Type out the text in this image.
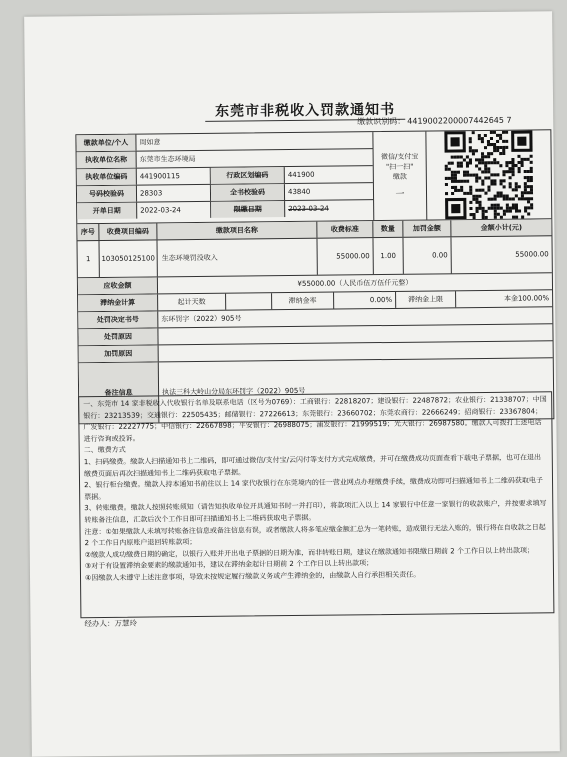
东莞市非税收入罚款通知书
缴款识别码： 4419002200007442645 7
缴款单位/个人	周如意
执收单位名称	东莞市生态环境局
执收单位编码	441900115	行政区划编码	441900
号码校验码	28303	全书校验码	43840
开单日期	2022-03-24	限缴日期	2023-03-24
微信/支付宝
"扫一扫"
缴款
一
序号	收费项目编码	缴款项目名称	收费标准	数量	加罚金额	金额小计(元)
1	103050125100 生态环境罚没收入	55000.00	1.00	0.00	55000.00
应收金额	¥55000.00（人民币伍万伍仟元整）
滞纳金计算	起计天数	滞纳金率	0.00%	滞纳金上限	本金100.00%
处罚决定书号	东环罚字（2022）905号
处罚原因
加罚原因
备注信息	执法三科大岭山分局东环罚字（2022）905号

一、东莞市 14 家非税收入代收银行名单及联系电话（区号为0769）：工商银行：22818207；建设银行：22487872；农业银行：21338707；中国银行：23213539；交通银行：22505435；邮储银行：27226613；东莞银行：23660702；东莞农商行：22666249；招商银行：23367804；广发银行：22227775；中信银行：22667898；平安银行：26988075；浦发银行：21999519；光大银行：26987580。缴款人可拨打上述电话进行咨询或投诉。

二、缴费方式

1、扫码缴费。缴款人扫描通知书上二维码，即可通过微信/支付宝/云闪付等支付方式完成缴费，并可在缴费成功页面查看下载电子票据，也可在退出缴费页面后再次扫描通知书上二维码获取电子票据。

2、银行柜台缴费。缴款人持本通知书前往以上 14 家代收银行在东莞境内的任一营业网点办理缴费手续，缴费成功即可扫描通知书上二维码获取电子票据。

3、转账缴费。缴款人按照转账须知（请告知执收单位开具通知书时一并打印），将款项汇入以上 14 家银行中任意一家银行的收款账户，并按要求填写转账备注信息，汇款后次个工作日即可扫描通知书上二维码获取电子票据。

注意：①如果缴款人未填写转账备注信息或备注信息有误，或者缴款人将多笔应缴金额汇总为一笔转账，造成银行无法入账的，银行将在自收款之日起 2 个工作日内原账户退回转账款项；

②缴款人成功缴费日期的确定，以银行入账并开出电子票据的日期为准，而非转账日期，建议在缴款通知书限缴日期前 2 个工作日以上转出款项；

③对于有设置滞纳金要素的缴款通知书，建议在滞纳金起计日期前 2 个工作日以上转出款项；

④因缴款人未遵守上述注意事项，导致未按规定履行缴款义务或产生滞纳金的，由缴款人自行承担相关责任。

经办人：万慧玲
